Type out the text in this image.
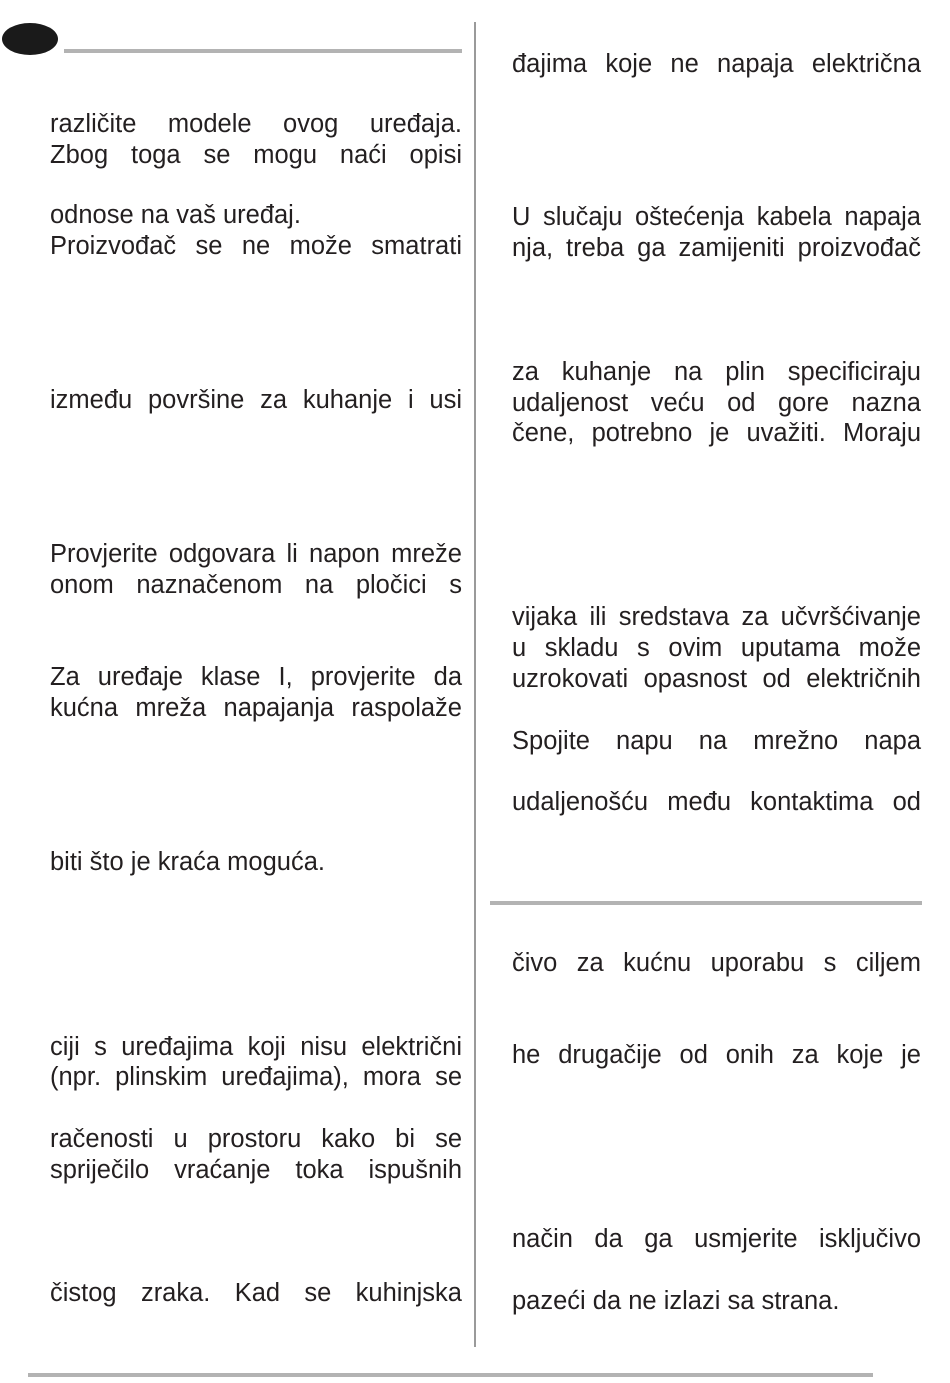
različite modele ovog uređaja.
Zbog toga se mogu naći opisi
odnose na vaš uređaj.
Proizvođač se ne može smatrati
između površine za kuhanje i usi
Provjerite odgovara li napon mreže
onom naznačenom na pločici s
Za uređaje klase I, provjerite da
kućna mreža napajanja raspolaže
biti što je kraća moguća.
ciji s uređajima koji nisu električni
(npr. plinskim uređajima), mora se
račenosti u prostoru kako bi se
spriječilo vraćanje toka ispušnih
čistog zraka. Kad se kuhinjska
đajima koje ne napaja električna
U slučaju oštećenja kabela napaja
nja, treba ga zamijeniti proizvođač
za kuhanje na plin specificiraju
udaljenost veću od gore nazna
čene, potrebno je uvažiti. Moraju
vijaka ili sredstava za učvršćivanje
u skladu s ovim uputama može
uzrokovati opasnost od električnih
Spojite napu na mrežno napa
udaljenošću među kontaktima od
čivo za kućnu uporabu s ciljem
he drugačije od onih za koje je
način da ga usmjerite isključivo
pazeći da ne izlazi sa strana.
